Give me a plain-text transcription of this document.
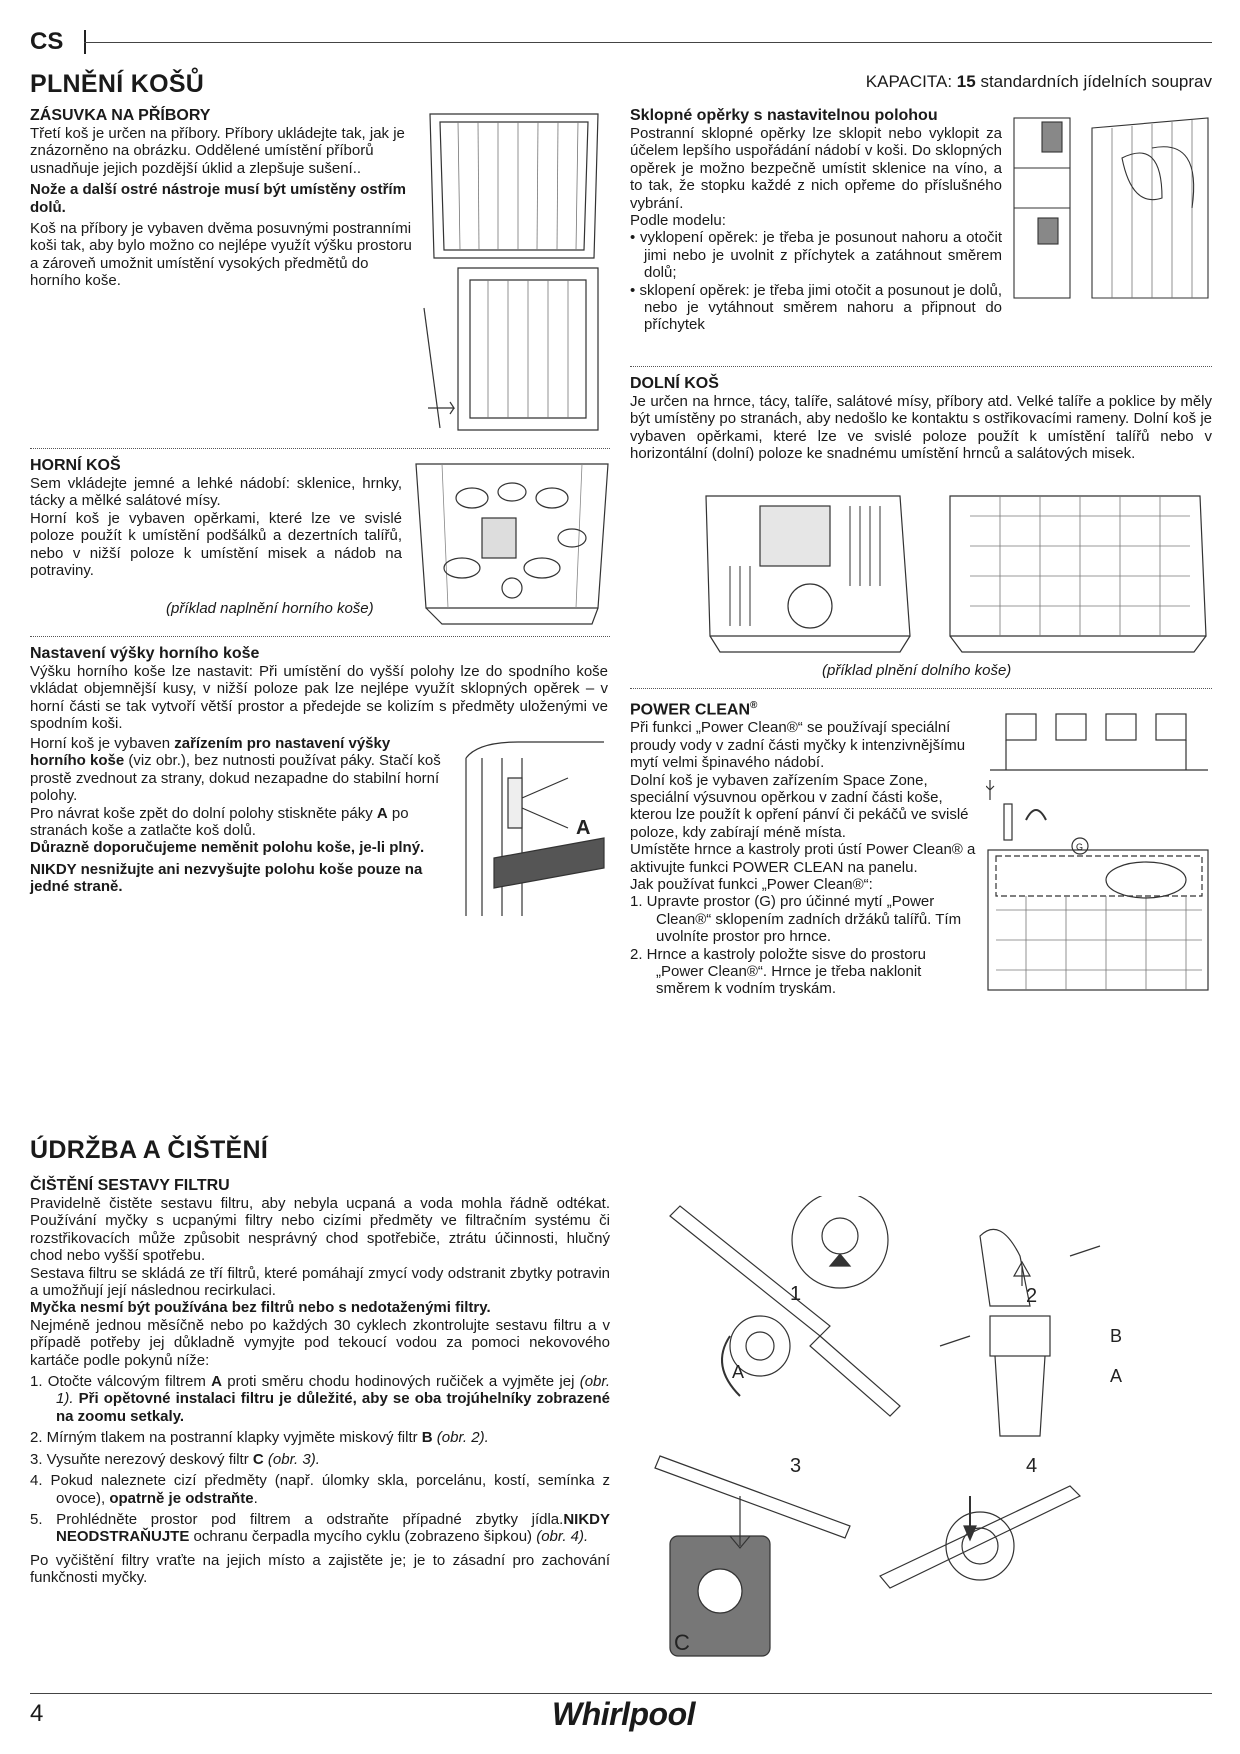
CS
PLNĚNÍ KOŠŮ	KAPACITA: 15 standardních jídelních souprav
ZÁSUVKA NA PŘÍBORY

Třetí koš je určen na příbory. Příbory ukládejte tak, jak je znázorněno na obrázku. Oddělené umístění příborů usnadňuje jejich pozdější úklid a zlepšuje sušení..

Nože a další ostré nástroje musí být umístěny ostřím dolů.

Koš na příbory je vybaven dvěma posuvnými postranními koši tak, aby bylo možno co nejlépe využít výšku prostoru a zároveň umožnit umístění vysokých předmětů do horního koše.

HORNÍ KOŠ

Sem vkládejte jemné a lehké nádobí: sklenice, hrnky, tácky a mělké salátové mísy.

Horní koš je vybaven opěrkami, které lze ve svislé poloze použít k umístění podšálků a dezertních talířů, nebo v nižší poloze k umístění misek a nádob na potraviny.

(příklad naplnění horního koše)
Nastavení výšky horního koše
Výšku horního koše lze nastavit: Při umístění do vyšší polohy lze do spodního koše vkládat objemnější kusy, v nižší poloze pak lze nejlépe využít sklopných opěrek – v horní části se tak vytvoří větší prostor a předejde se kolizím s předměty uloženými ve spodním koši.

Horní koš je vybaven zařízením pro nastavení výšky horního koše (viz obr.), bez nutnosti používat páky. Stačí koš prostě zvednout za strany, dokud nezapadne do stabilní horní polohy.

Pro návrat koše zpět do dolní polohy stiskněte páky A po stranách koše a zatlačte koš dolů.

Důrazně doporučujeme neměnit polohu koše, je-li plný.

NIKDY nesnižujte ani nezvyšujte polohu koše pouze na jedné straně.

A
Sklopné opěrky s nastavitelnou polohou

Postranní sklopné opěrky lze sklopit nebo vyklopit za účelem lepšího uspořádání nádobí v koši. Do sklopných opěrek je možno bezpečně umístit sklenice na víno, a to tak, že stopku každé z nich opřeme do příslušného vybrání.

Podle modelu:

• vyklopení opěrek: je třeba je posunout nahoru a otočit jimi nebo je uvolnit z příchytek a zatáhnout směrem dolů;

• sklopení opěrek: je třeba jimi otočit a posunout je dolů, nebo je vytáhnout směrem nahoru a připnout do příchytek

DOLNÍ KOŠ
Je určen na hrnce, tácy, talíře, salátové mísy, příbory atd. Velké talíře a poklice by měly být umístěny po stranách, aby nedošlo ke kontaktu s ostřikovacími rameny. Dolní koš je vybaven opěrkami, které lze ve svislé poloze použít k umístění talířů nebo v horizontální (dolní) poloze ke snadnému umístění hrnců a salátových misek.
(příklad plnění dolního koše)
POWER CLEAN®

Při funkci „Power Clean®“ se používají speciální proudy vody v zadní části myčky k intenzivnějšímu mytí velmi špinavého nádobí.

Dolní koš je vybaven zařízením Space Zone, speciální výsuvnou opěrkou v zadní části koše, kterou lze použít k opření pánví či pekáčů ve svislé poloze, kdy zabírají méně místa.

Umístěte hrnce a kastroly proti ústí Power Clean® a aktivujte funkci POWER CLEAN na panelu.

Jak používat funkci „Power Clean®“:

1. Upravte prostor (G) pro účinné mytí „Power Clean®“ sklopením zadních držáků talířů. Tím uvolníte prostor pro hrnce.

2. Hrnce a kastroly položte sisve do prostoru „Power Clean®“. Hrnce je třeba naklonit směrem k vodním tryskám.

G
ÚDRŽBA A ČIŠTĚNÍ
ČIŠTĚNÍ SESTAVY FILTRU

Pravidelně čistěte sestavu filtru, aby nebyla ucpaná a voda mohla řádně odtékat. Používání myčky s ucpanými filtry nebo cizími předměty ve filtračním systému či rozstřikovacích může způsobit nesprávný chod spotřebiče, ztrátu účinnosti, hlučný chod nebo vyšší spotřebu.

Sestava filtru se skládá ze tří filtrů, které pomáhají zmycí vody odstranit zbytky potravin a umožňují její následnou recirkulaci.

Myčka nesmí být používána bez filtrů nebo s nedotaženými filtry.

Nejméně jednou měsíčně nebo po každých 30 cyklech zkontrolujte sestavu filtru a v případě potřeby jej důkladně vymyjte pod tekoucí vodou za pomoci nekovového kartáče podle pokynů níže:

1. Otočte válcovým filtrem A proti směru chodu hodinových ručiček a vyjměte jej (obr. 1). Při opětovné instalaci filtru je důležité, aby se oba trojúhelníky zobrazené na zoomu setkaly.

2. Mírným tlakem na postranní klapky vyjměte miskový filtr B (obr. 2).

3. Vysuňte nerezový deskový filtr C (obr. 3).

4. Pokud naleznete cizí předměty (např. úlomky skla, porcelánu, kostí, semínka z ovoce), opatrně je odstraňte.

5. Prohlédněte prostor pod filtrem a odstraňte případné zbytky jídla.NIKDY NEODSTRAŇUJTE ochranu čerpadla mycího cyklu (zobrazeno šipkou) (obr. 4).

Po vyčištění filtry vraťte na jejich místo a zajistěte je; je to zásadní pro zachování funkčnosti myčky.

1	2
3	4
A
B
A
C
4	Whirlpool
